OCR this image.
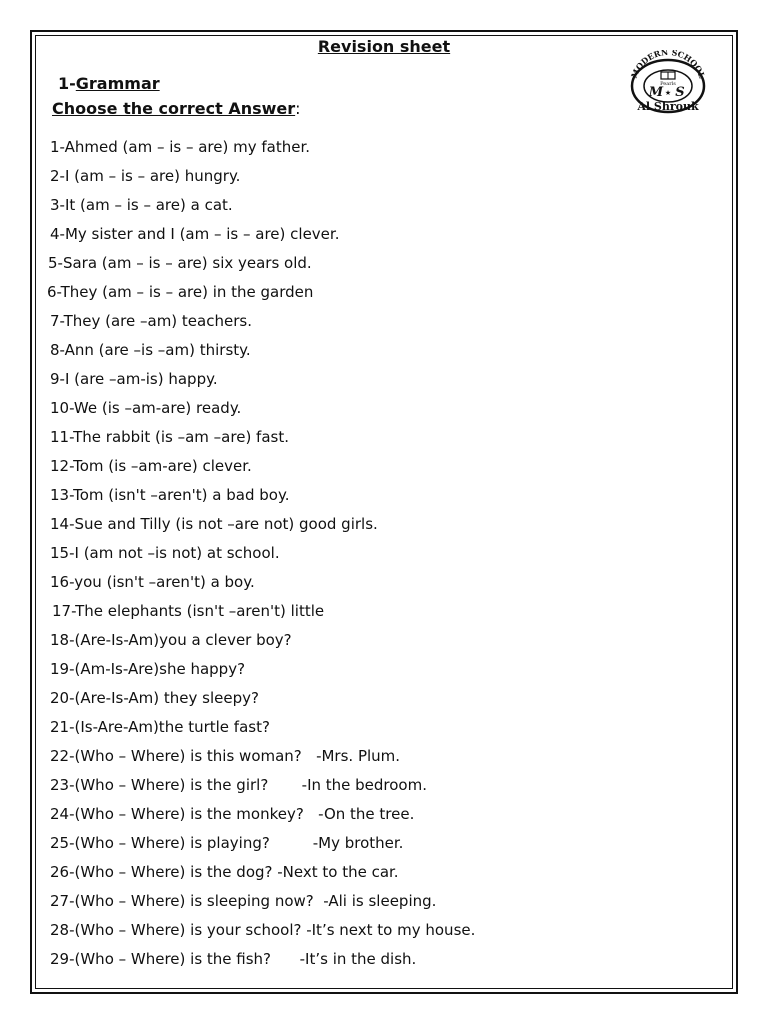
Revision sheet
1-Grammar
Choose the correct Answer:
MODERN SCHOOL
Pearls
M ★ S
Al Shrouk
1-Ahmed (am – is – are) my father.
2-I (am – is – are) hungry.
3-It (am – is – are) a cat.
4-My sister and I (am – is – are) clever.
5-Sara (am – is – are) six years old.
6-They (am – is – are) in the garden
7-They (are –am) teachers.
8-Ann (are –is –am) thirsty.
9-I (are –am-is) happy.
10-We (is –am-are) ready.
11-The rabbit (is –am –are) fast.
12-Tom (is –am-are) clever.
13-Tom (isn't –aren't) a bad boy.
14-Sue and Tilly (is not –are not) good girls.
15-I (am not –is not) at school.
16-you (isn't –aren't) a boy.
17-The elephants (isn't –aren't) little
18-(Are-Is-Am)you a clever boy?
19-(Am-Is-Are)she happy?
20-(Are-Is-Am) they sleepy?
21-(Is-Are-Am)the turtle fast?
22-(Who – Where) is this woman?   -Mrs. Plum.
23-(Who – Where) is the girl?       -In the bedroom.
24-(Who – Where) is the monkey?   -On the tree.
25-(Who – Where) is playing?         -My brother.
26-(Who – Where) is the dog? -Next to the car.
27-(Who – Where) is sleeping now?  -Ali is sleeping.
28-(Who – Where) is your school? -It’s next to my house.
29-(Who – Where) is the fish?      -It’s in the dish.
